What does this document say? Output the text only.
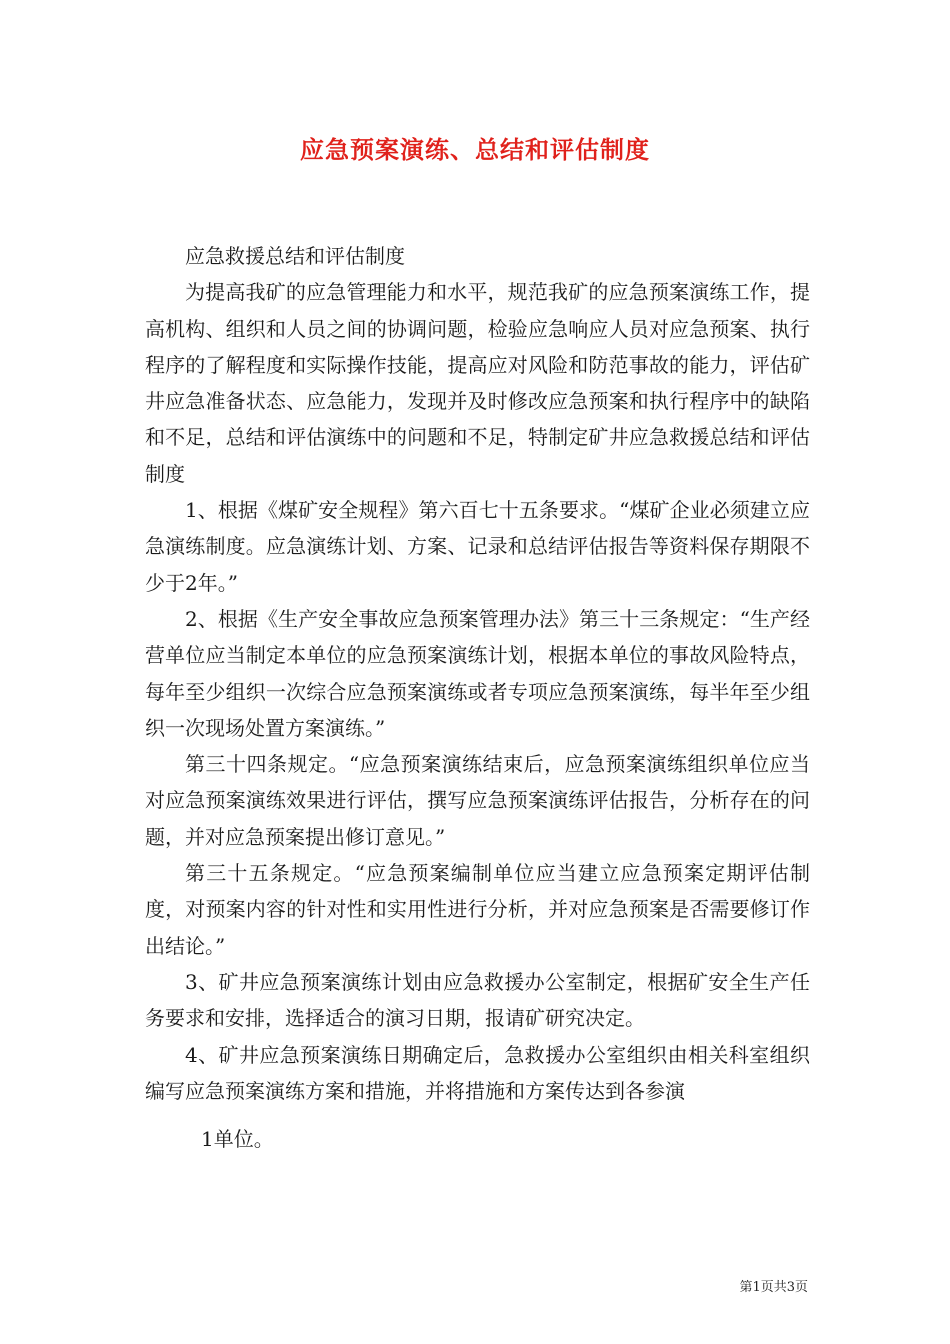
应急预案演练、总结和评估制度

应急救援总结和评估制度

为提高我矿的应急管理能力和水平，规范我矿的应急预案演练工作，提高机构、组织和人员之间的协调问题，检验应急响应人员对应急预案、执行程序的了解程度和实际操作技能，提高应对风险和防范事故的能力，评估矿井应急准备状态、应急能力，发现并及时修改应急预案和执行程序中的缺陷和不足，总结和评估演练中的问题和不足，特制定矿井应急救援总结和评估制度

1、根据《煤矿安全规程》第六百七十五条要求。“煤矿企业必须建立应急演练制度。应急演练计划、方案、记录和总结评估报告等资料保存期限不少于2年。”

2、根据《生产安全事故应急预案管理办法》第三十三条规定：“生产经营单位应当制定本单位的应急预案演练计划，根据本单位的事故风险特点，每年至少组织一次综合应急预案演练或者专项应急预案演练，每半年至少组织一次现场处置方案演练。”

第三十四条规定。“应急预案演练结束后，应急预案演练组织单位应当对应急预案演练效果进行评估，撰写应急预案演练评估报告，分析存在的问题，并对应急预案提出修订意见。”

第三十五条规定。“应急预案编制单位应当建立应急预案定期评估制度，对预案内容的针对性和实用性进行分析，并对应急预案是否需要修订作出结论。”

3、矿井应急预案演练计划由应急救援办公室制定，根据矿安全生产任务要求和安排，选择适合的演习日期，报请矿研究决定。

4、矿井应急预案演练日期确定后，急救援办公室组织由相关科室组织编写应急预案演练方案和措施，并将措施和方案传达到各参演

1单位。

第1页共3页
